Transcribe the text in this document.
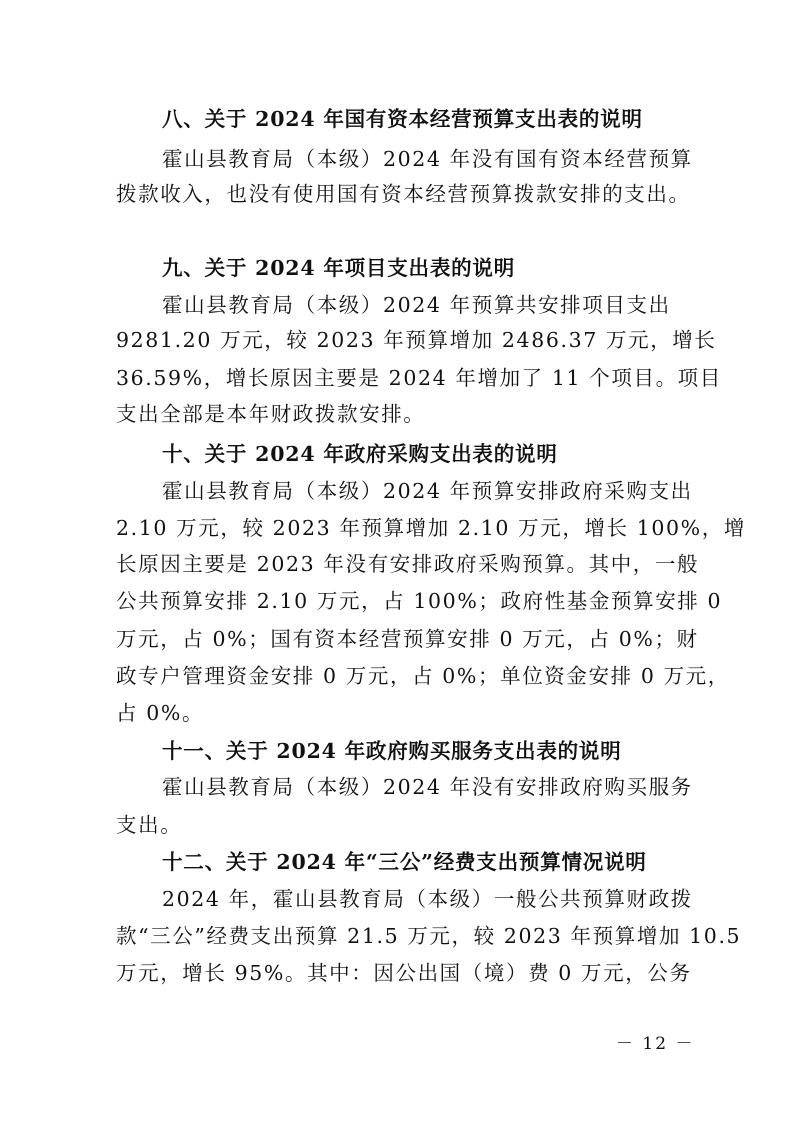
八、关于 2024 年国有资本经营预算支出表的说明
霍山县教育局（本级）2024 年没有国有资本经营预算
拨款收入，也没有使用国有资本经营预算拨款安排的支出。
九、关于 2024 年项目支出表的说明
霍山县教育局（本级）2024 年预算共安排项目支出
9281.20 万元，较 2023 年预算增加 2486.37 万元，增长
36.59%，增长原因主要是 2024 年增加了 11 个项目。项目
支出全部是本年财政拨款安排。
十、关于 2024 年政府采购支出表的说明
霍山县教育局（本级）2024 年预算安排政府采购支出
2.10 万元，较 2023 年预算增加 2.10 万元，增长 100%，增
长原因主要是 2023 年没有安排政府采购预算。其中，一般
公共预算安排 2.10 万元，占 100%；政府性基金预算安排 0
万元，占 0%；国有资本经营预算安排 0 万元，占 0%；财
政专户管理资金安排 0 万元，占 0%；单位资金安排 0 万元，
占 0%。
十一、关于 2024 年政府购买服务支出表的说明
霍山县教育局（本级）2024 年没有安排政府购买服务
支出。
十二、关于 2024 年“三公”经费支出预算情况说明
2024 年，霍山县教育局（本级）一般公共预算财政拨
款“三公”经费支出预算 21.5 万元，较 2023 年预算增加 10.5
万元，增长 95%。其中：因公出国（境）费 0 万元，公务
－ 12 －
